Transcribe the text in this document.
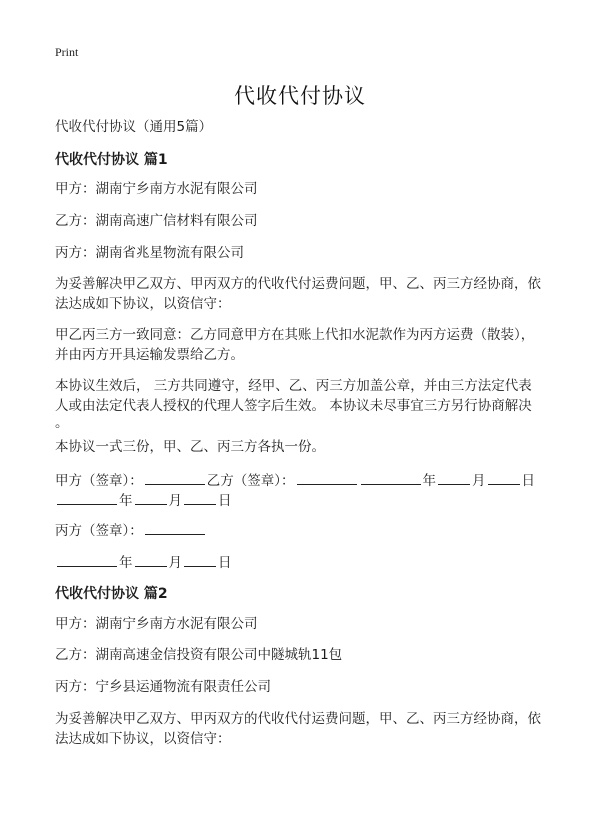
Print
代收代付协议

代收代付协议（通用5篇）

代收代付协议 篇1

甲方：湖南宁乡南方水泥有限公司

乙方：湖南高速广信材料有限公司

丙方：湖南省兆星物流有限公司

为妥善解决甲乙双方、甲丙双方的代收代付运费问题，甲、乙、丙三方经协商，依

法达成如下协议，以资信守：

甲乙丙三方一致同意：乙方同意甲方在其账上代扣水泥款作为丙方运费（散装），

并由丙方开具运输发票给乙方。

本协议生效后， 三方共同遵守，经甲、乙、丙三方加盖公章，并由三方法定代表

人或由法定代表人授权的代理人签字后生效。 本协议未尽事宜三方另行协商解决

。

本协议一式三份，甲、乙、丙三方各执一份。

甲方（签章）：	乙方（签章）：	年	月	日
年	月	日
丙方（签章）：
年	月	日

代收代付协议 篇2

甲方：湖南宁乡南方水泥有限公司

乙方：湖南高速金信投资有限公司中隧城轨11包

丙方：宁乡县运通物流有限责任公司

为妥善解决甲乙双方、甲丙双方的代收代付运费问题，甲、乙、丙三方经协商，依

法达成如下协议，以资信守：
